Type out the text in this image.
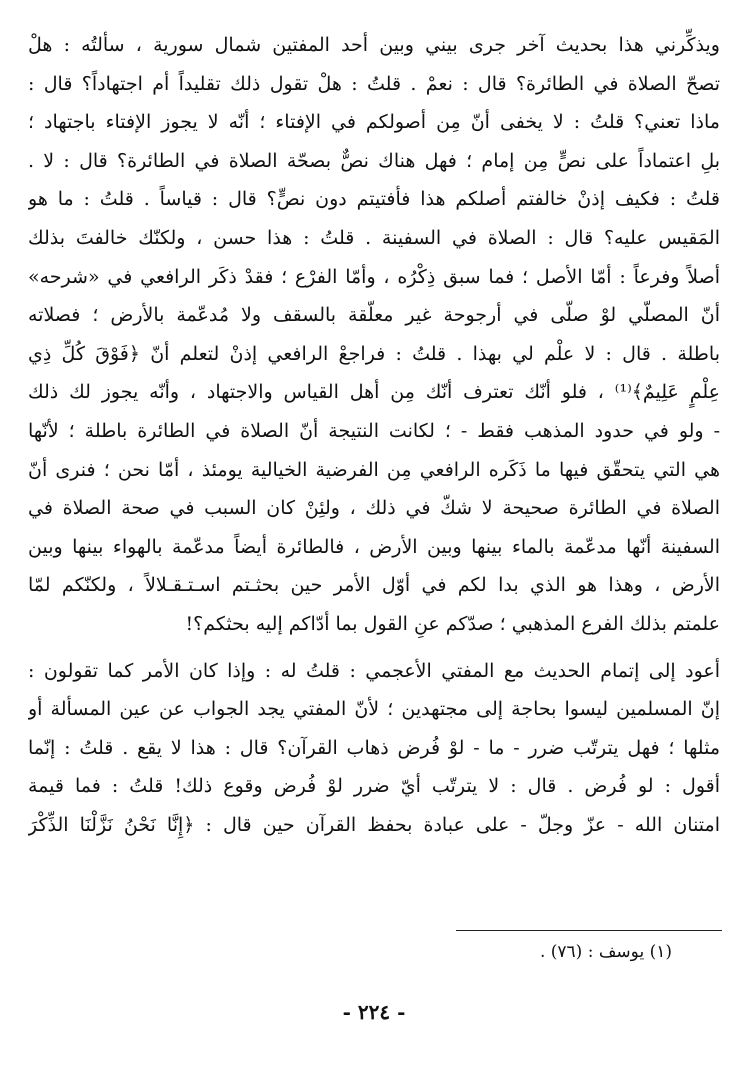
ويذكِّرني هذا بحديث آخر جرى بيني وبين أحد المفتين شمال سورية ، سألتُه : هلْ
تصحّ الصلاة في الطائرة؟ قال : نعمْ . قلتُ : هلْ تقول ذلك تقليداً أم اجتهاداً؟ قال :
ماذا تعني؟ قلتُ : لا يخفى أنّ مِن أصولكم في الإفتاء ؛ أنّه لا يجوز الإفتاء باجتهاد ؛
بلِ اعتماداً على نصٍّ مِن إمام ؛ فهل هناك نصٌّ بصحّة الصلاة في الطائرة؟ قال : لا .
قلتُ : فكيف إذنْ خالفتم أصلكم هذا فأفتيتم دون نصٍّ؟ قال : قياساً . قلتُ : ما هو
المَقيس عليه؟ قال : الصلاة في السفينة . قلتُ : هذا حسن ، ولكنّك خالفتَ بذلك
أصلاً وفرعاً : أمّا الأصل ؛ فما سبق ذِكْرُه ، وأمّا الفرْع ؛ فقدْ ذكَر الرافعي في «شرحه»
أنّ المصلّي لوْ صلّى في أرجوحة غير معلّقة بالسقف ولا مُدعّمة بالأرض ؛ فصلاته
باطلة . قال : لا علْم لي بهذا . قلتُ : فراجعْ الرافعي إذنْ لتعلم أنّ ﴿فَوْقَ كُلِّ ذِي
عِلْمٍ عَلِيمٌ﴾⁽¹⁾ ، فلو أنّك تعترف أنّك مِن أهل القياس والاجتهاد ، وأنّه يجوز لك ذلك
- ولو في حدود المذهب فقط - ؛ لكانت النتيجة أنّ الصلاة في الطائرة باطلة ؛ لأنّها
هي التي يتحقّق فيها ما ذَكَره الرافعي مِن الفرضية الخيالية يومئذ ، أمّا نحن ؛ فنرى أنّ
الصلاة في الطائرة صحيحة لا شكّ في ذلك ، ولئِنْ كان السبب في صحة الصلاة في
السفينة أنّها مدعّمة بالماء بينها وبين الأرض ، فالطائرة أيضاً مدعّمة بالهواء بينها وبين
الأرض ، وهذا هو الذي بدا لكم في أوّل الأمر حين بحثـتم اسـتـقـلالاً ، ولكنّكم لمّا
علمتم بذلك الفرع المذهبي ؛ صدّكم عنِ القول بما أدّاكم إليه بحثكم؟!

أعود إلى إتمام الحديث مع المفتي الأعجمي : قلتُ له : وإذا كان الأمر كما تقولون :
إنّ المسلمين ليسوا بحاجة إلى مجتهدين ؛ لأنّ المفتي يجد الجواب عن عين المسألة أو
مثلها ؛ فهل يترتّب ضرر - ما - لوْ فُرض ذهاب القرآن؟ قال : هذا لا يقع . قلتُ : إنّما
أقول : لو فُرض . قال : لا يترتّب أيّ ضرر لوْ فُرض وقوع ذلك! قلتُ : فما قيمة
امتنان الله - عزّ وجلّ - على عبادة بحفظ القرآن حين قال : ﴿إِنَّا نَحْنُ نَزَّلْنَا الذِّكْرَ

(١) يوسف : (٧٦) .
- ٢٢٤ -
